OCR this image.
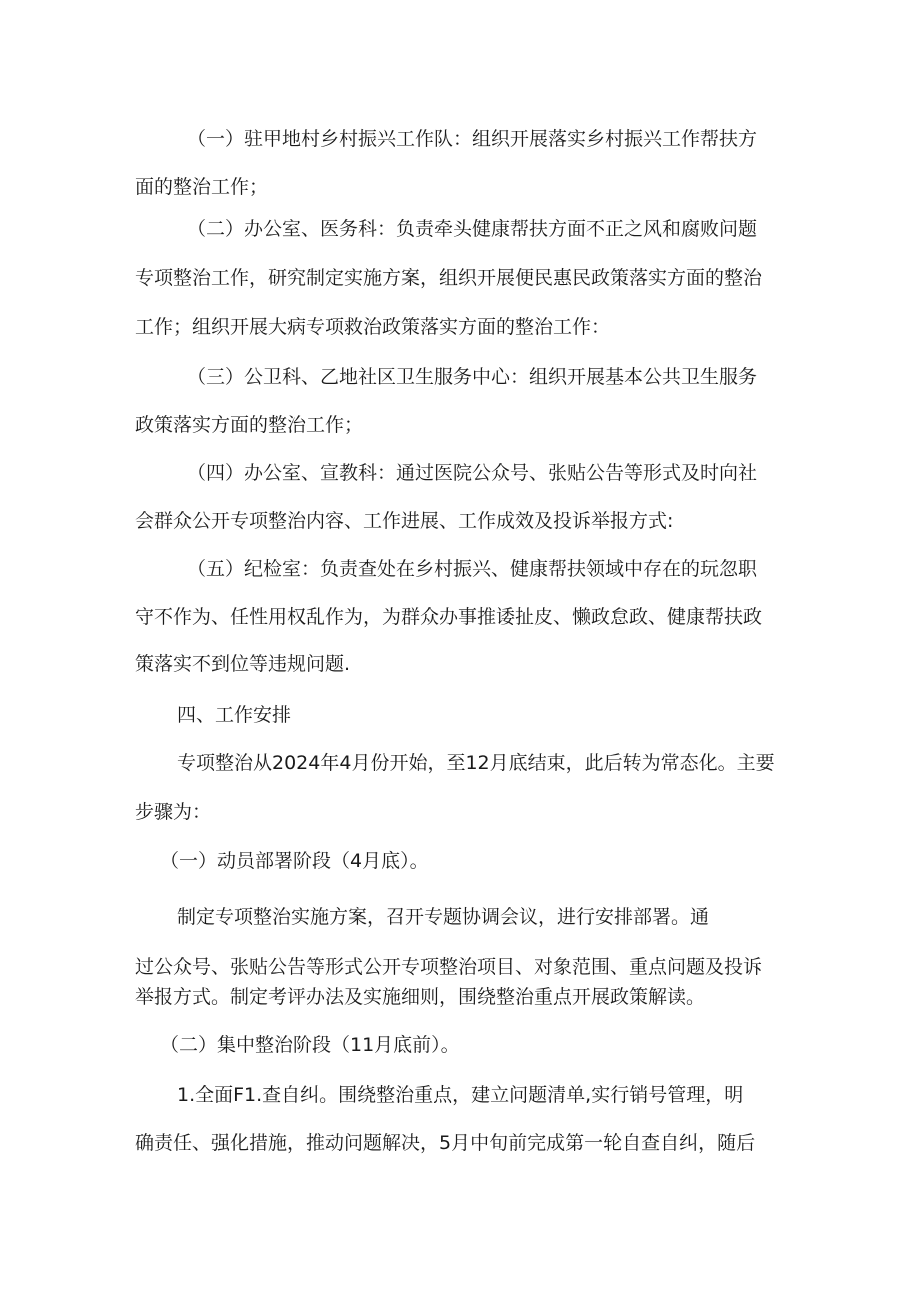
（一）驻甲地村乡村振兴工作队：组织开展落实乡村振兴工作帮扶方
面的整治工作；
（二）办公室、医务科：负责牵头健康帮扶方面不正之风和腐败问题
专项整治工作，研究制定实施方案，组织开展便民惠民政策落实方面的整治
工作；组织开展大病专项救治政策落实方面的整治工作：
（三）公卫科、乙地社区卫生服务中心：组织开展基本公共卫生服务
政策落实方面的整治工作；
（四）办公室、宣教科：通过医院公众号、张贴公告等形式及时向社
会群众公开专项整治内容、工作进展、工作成效及投诉举报方式:
（五）纪检室：负责查处在乡村振兴、健康帮扶领域中存在的玩忽职
守不作为、任性用权乱作为，为群众办事推诿扯皮、懒政怠政、健康帮扶政
策落实不到位等违规问题.
四、工作安排
专项整治从2024年4月份开始，至12月底结束，此后转为常态化。主要
步骤为：
（一）动员部署阶段（4月底）。
制定专项整治实施方案，召开专题协调会议，进行安排部署。通
过公众号、张贴公告等形式公开专项整治项目、对象范围、重点问题及投诉
举报方式。制定考评办法及实施细则，围绕整治重点开展政策解读。
（二）集中整治阶段（11月底前）。
1.全面F1.查自纠。围绕整治重点，建立问题清单,实行销号管理，明
确责任、强化措施，推动问题解决，5月中旬前完成第一轮自查自纠，随后
